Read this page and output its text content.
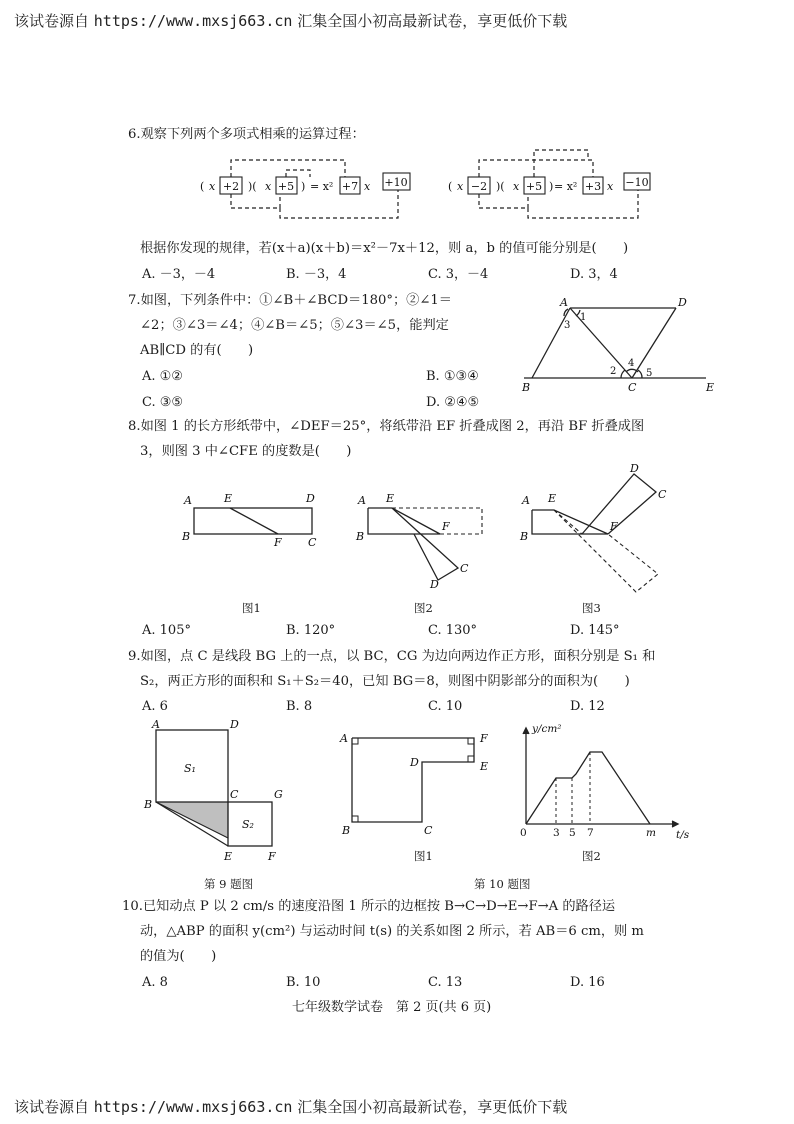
该试卷源自 https://www.mxsj663.cn 汇集全国小初高最新试卷，享更低价下载
6.观察下列两个多项式相乘的运算过程：
( x +2 )( x +5 ) = x² +7 x +10	( x −2 )( x +5 ) = x² +3 x −10
根据你发现的规律，若(x＋a)(x＋b)＝x²－7x＋12，则 a，b 的值可能分别是(　　)
A. －3，－4	B. －3，4	C. 3，－4	D. 3，4
7.如图，下列条件中：①∠B＋∠BCD＝180°；②∠1＝
∠2；③∠3＝∠4；④∠B＝∠5；⑤∠3＝∠5，能判定
AB∥CD 的有(　　)
A. ①②	B. ①③④
C. ③⑤	D. ②④⑤
A	D
B	C	E
1
2
3
4
5
8.如图 1 的长方形纸带中，∠DEF＝25°，将纸带沿 EF 折叠成图 2，再沿 BF 折叠成图
3，则图 3 中∠CFE 的度数是(　　)
A	E	D
B	F C
图1
A E
B
F
C
D
图2
A E
B
F
C
D
图3
A. 105°	B. 120°	C. 130°	D. 145°
9.如图，点 C 是线段 BG 上的一点，以 BC，CG 为边向两边作正方形，面积分别是 S₁ 和
S₂，两正方形的面积和 S₁＋S₂＝40，已知 BG＝8，则图中阴影部分的面积为(　　)
A. 6	B. 8	C. 10	D. 12
A	D
B
C	G
E	F
S₁
S₂
第 9 题图
A	F
D	E
B	C
图1
y/cm²
0	3 5 7	m t/s
图2
第 10 题图
10.已知动点 P 以 2 cm/s 的速度沿图 1 所示的边框按 B→C→D→E→F→A 的路径运
动，△ABP 的面积 y(cm²) 与运动时间 t(s) 的关系如图 2 所示，若 AB＝6 cm，则 m
的值为(　　)
A. 8	B. 10	C. 13	D. 16
七年级数学试卷　第 2 页(共 6 页)
该试卷源自 https://www.mxsj663.cn 汇集全国小初高最新试卷，享更低价下载
